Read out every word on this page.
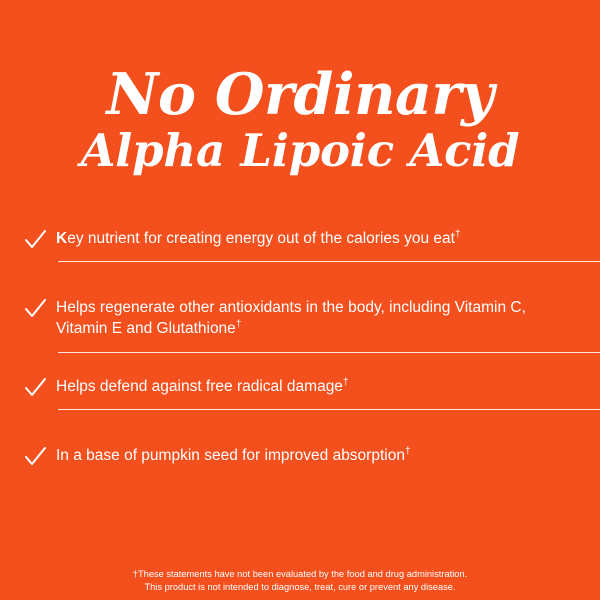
No Ordinary
Alpha Lipoic Acid
Key nutrient for creating energy out of the calories you eat†
Helps regenerate other antioxidants in the body, including Vitamin C, Vitamin E and Glutathione†
Helps defend against free radical damage†
In a base of pumpkin seed for improved absorption†
†These statements have not been evaluated by the food and drug administration.
This product is not intended to diagnose, treat, cure or prevent any disease.
